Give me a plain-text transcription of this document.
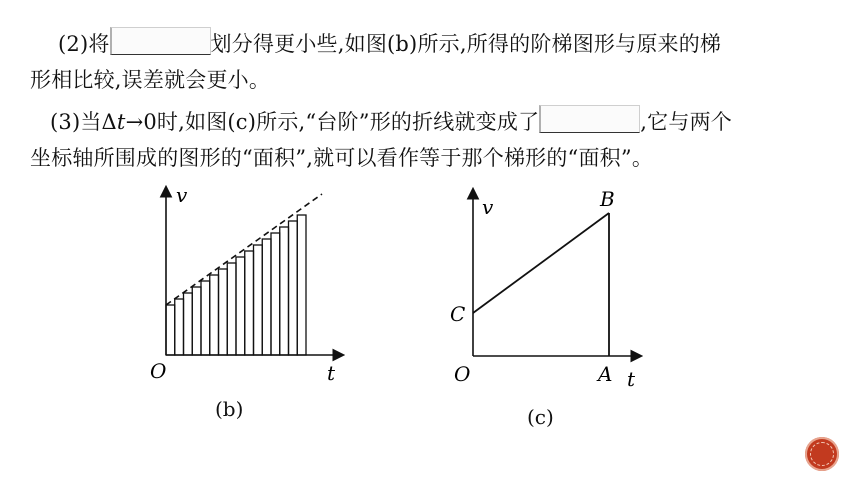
(2)将	划分得更小些,如图(b)所示,所得的阶梯图形与原来的梯
形相比较,误差就会更小。
(3)当Δt→0时,如图(c)所示,“台阶”形的折线就变成了	,它与两个
坐标轴所围成的图形的“面积”,就可以看作等于那个梯形的“面积”。
v
t
O
(b)
v
t
O	A
B
C
(c)
